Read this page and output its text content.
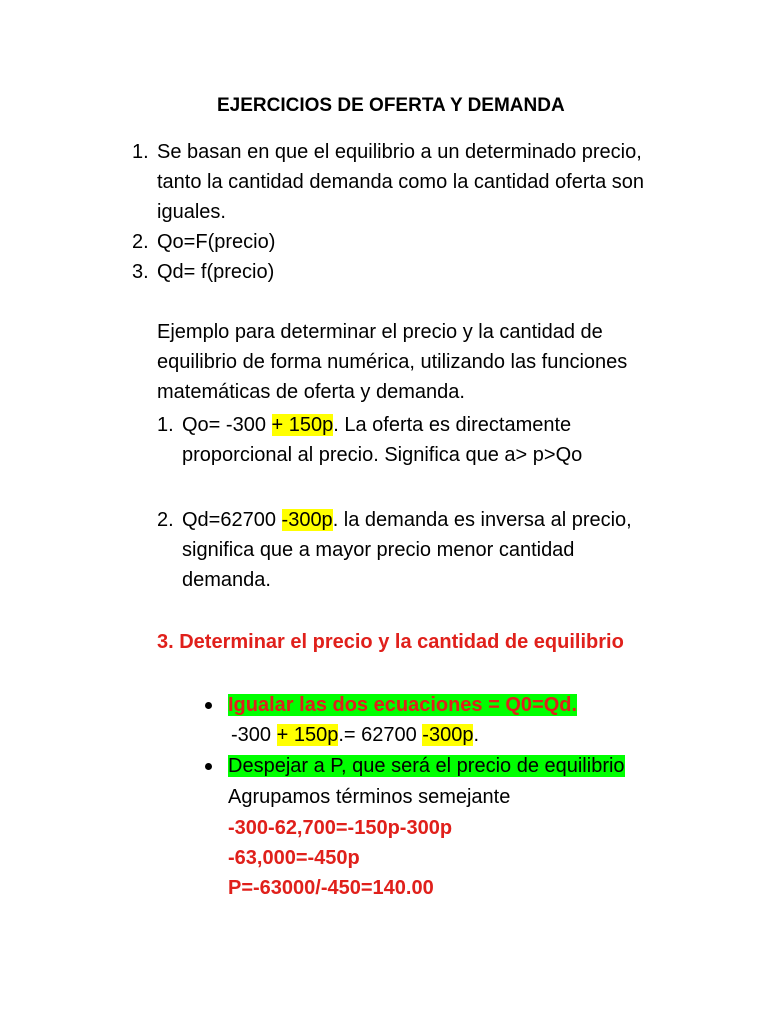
EJERCICIOS DE OFERTA Y DEMANDA
1. Se basan en que el equilibrio a un determinado precio,
tanto la cantidad demanda como la cantidad oferta son
iguales.
2. Qo=F(precio)
3. Qd= f(precio)
Ejemplo para determinar el precio y la cantidad de
equilibrio de forma numérica, utilizando las funciones
matemáticas de oferta y demanda.
1. Qo= -300 + 150p. La oferta es directamente
proporcional al precio. Significa que a> p>Qo
2. Qd=62700 -300p. la demanda es inversa al precio,
significa que a mayor precio menor cantidad
demanda.
3. Determinar el precio y la cantidad de equilibrio
Igualar las dos ecuaciones = Q0=Qd.
-300 + 150p.= 62700 -300p.
Despejar a P, que será el precio de equilibrio
Agrupamos términos semejante
-300-62,700=-150p-300p
-63,000=-450p
P=-63000/-450=140.00
